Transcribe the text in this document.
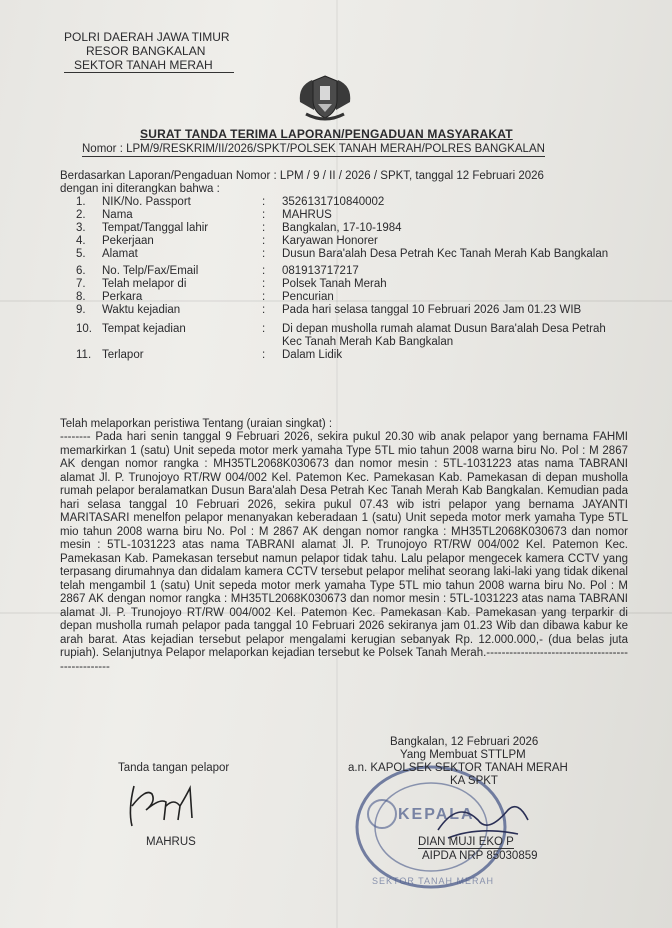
POLRI DAERAH JAWA TIMUR
RESOR BANGKALAN
SEKTOR TANAH MERAH
SURAT TANDA TERIMA LAPORAN/PENGADUAN MASYARAKAT
Nomor : LPM/9/RESKRIM/II/2026/SPKT/POLSEK TANAH MERAH/POLRES BANGKALAN
Berdasarkan Laporan/Pengaduan Nomor : LPM / 9 / II / 2026 / SPKT, tanggal 12 Februari 2026
dengan ini diterangkan bahwa :
1.	NIK/No. Passport	:	3526131710840002
2.	Nama	:	MAHRUS
3.	Tempat/Tanggal lahir	:	Bangkalan, 17-10-1984
4.	Pekerjaan	:	Karyawan Honorer
5.	Alamat	:	Dusun Bara'alah Desa Petrah Kec Tanah Merah Kab Bangkalan
6.	No. Telp/Fax/Email	:	081913717217
7.	Telah melapor di	:	Polsek Tanah Merah
8.	Perkara	:	Pencurian
9.	Waktu kejadian	:	Pada hari selasa tanggal 10 Februari 2026 Jam 01.23 WIB
10.	Tempat kejadian	:	Di depan musholla rumah alamat Dusun Bara'alah Desa Petrah Kec Tanah Merah Kab Bangkalan
11.	Terlapor	:	Dalam Lidik
Telah melaporkan peristiwa Tentang (uraian singkat) :
-------- Pada hari senin tanggal 9 Februari 2026, sekira pukul 20.30 wib anak pelapor yang bernama FAHMI memarkirkan 1 (satu) Unit sepeda motor merk yamaha Type 5TL mio tahun 2008 warna biru No. Pol : M 2867 AK dengan nomor rangka : MH35TL2068K030673 dan nomor mesin : 5TL-1031223 atas nama TABRANI alamat Jl. P. Trunojoyo RT/RW 004/002 Kel. Patemon Kec. Pamekasan Kab. Pamekasan di depan musholla rumah pelapor beralamatkan Dusun Bara'alah Desa Petrah Kec Tanah Merah Kab Bangkalan. Kemudian pada hari selasa tanggal 10 Februari 2026, sekira pukul 07.43 wib istri pelapor yang bernama JAYANTI MARITASARI menelfon pelapor menanyakan keberadaan 1 (satu) Unit sepeda motor merk yamaha Type 5TL mio tahun 2008 warna biru No. Pol : M 2867 AK dengan nomor rangka : MH35TL2068K030673 dan nomor mesin : 5TL-1031223 atas nama TABRANI alamat Jl. P. Trunojoyo RT/RW 004/002 Kel. Patemon Kec. Pamekasan Kab. Pamekasan tersebut namun pelapor tidak tahu. Lalu pelapor mengecek kamera CCTV yang terpasang dirumahnya dan didalam kamera CCTV tersebut pelapor melihat seorang laki-laki yang tidak dikenal telah mengambil 1 (satu) Unit sepeda motor merk yamaha Type 5TL mio tahun 2008 warna biru No. Pol : M 2867 AK dengan nomor rangka : MH35TL2068K030673 dan nomor mesin : 5TL-1031223 atas nama TABRANI alamat Jl. P. Trunojoyo RT/RW 004/002 Kel. Patemon Kec. Pamekasan Kab. Pamekasan yang terparkir di depan musholla rumah pelapor pada tanggal 10 Februari 2026 sekiranya jam 01.23 Wib dan dibawa kabur ke arah barat. Atas kejadian tersebut pelapor mengalami kerugian sebanyak Rp. 12.000.000,- (dua belas juta rupiah). Selanjutnya Pelapor melaporkan kejadian tersebut ke Polsek Tanah Merah.--------------------------------------------------
Tanda tangan pelapor
MAHRUS
KEPALA
SEKTOR TANAH MERAH
Bangkalan, 12 Februari 2026
Yang Membuat STTLPM
a.n. KAPOLSEK SEKTOR TANAH MERAH
KA SPKT
DIAN MUJI EKO P
AIPDA NRP 85030859
